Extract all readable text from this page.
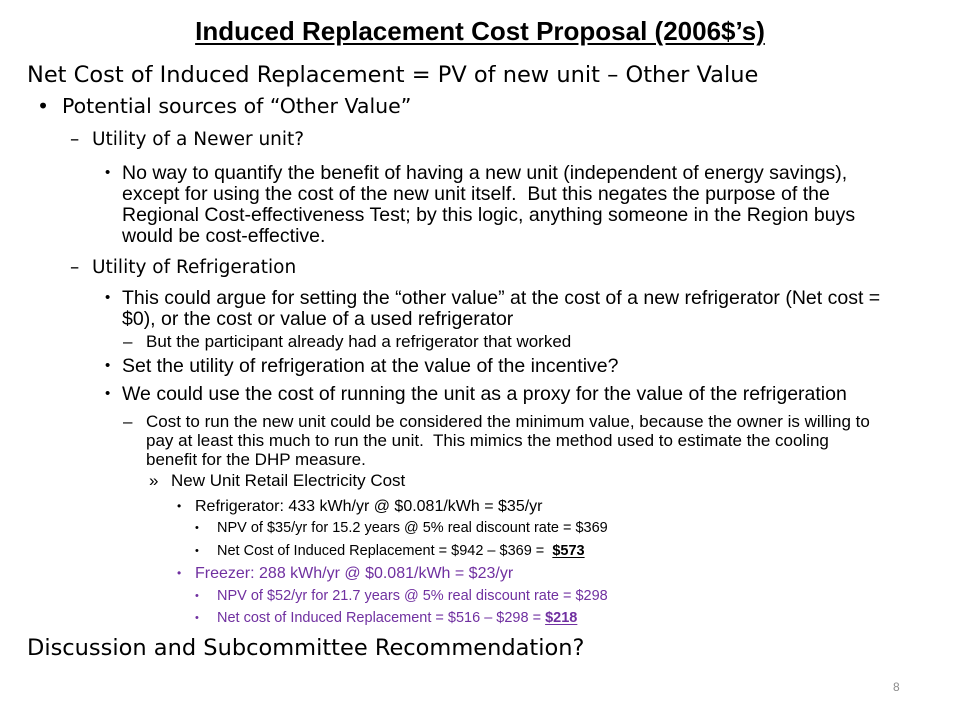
Induced Replacement Cost Proposal (2006$’s)
Net Cost of Induced Replacement = PV of new unit – Other Value
• Potential sources of “Other Value”
– Utility of a Newer unit?
• No way to quantify the benefit of having a new unit (independent of energy savings),
except for using the cost of the new unit itself.  But this negates the purpose of the
Regional Cost-effectiveness Test; by this logic, anything someone in the Region buys
would be cost-effective.
– Utility of Refrigeration
• This could argue for setting the “other value” at the cost of a new refrigerator (Net cost =
$0), or the cost or value of a used refrigerator
– But the participant already had a refrigerator that worked
• Set the utility of refrigeration at the value of the incentive?
• We could use the cost of running the unit as a proxy for the value of the refrigeration
– Cost to run the new unit could be considered the minimum value, because the owner is willing to
pay at least this much to run the unit.  This mimics the method used to estimate the cooling
benefit for the DHP measure.
» New Unit Retail Electricity Cost
• Refrigerator: 433 kWh/yr @ $0.081/kWh = $35/yr
• NPV of $35/yr for 15.2 years @ 5% real discount rate = $369
• Net Cost of Induced Replacement = $942 – $369 =  $573
• Freezer: 288 kWh/yr @ $0.081/kWh = $23/yr
• NPV of $52/yr for 21.7 years @ 5% real discount rate = $298
• Net cost of Induced Replacement = $516 – $298 = $218
Discussion and Subcommittee Recommendation?
8
